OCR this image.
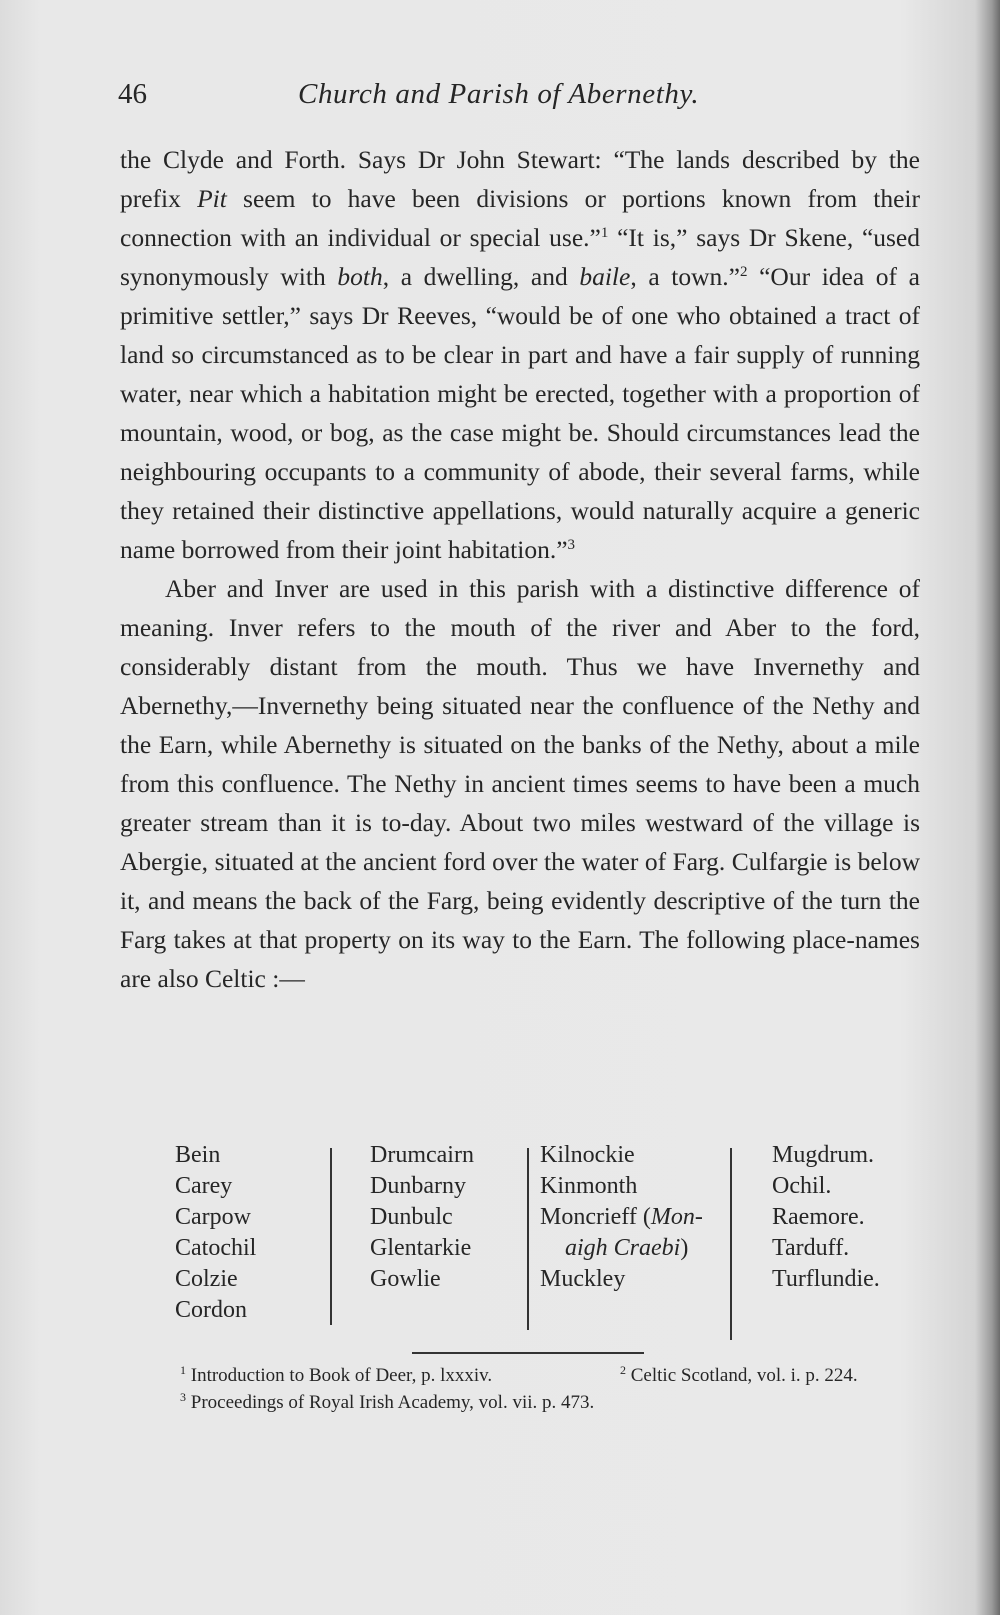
46	Church and Parish of Abernethy.

the Clyde and Forth. Says Dr John Stewart: “The lands described by the prefix Pit seem to have been divisions or portions known from their connection with an individual or special use.”$^1$ “It is,” says Dr Skene, “used synonymously with both, a dwelling, and baile, a town.”$^2$ “Our idea of a primitive settler,” says Dr Reeves, “would be of one who obtained a tract of land so circumstanced as to be clear in part and have a fair supply of running water, near which a habitation might be erected, together with a proportion of mountain, wood, or bog, as the case might be. Should circumstances lead the neighbouring occupants to a community of abode, their several farms, while they retained their distinctive appellations, would naturally acquire a generic name borrowed from their joint habitation.”$^3$

Aber and Inver are used in this parish with a distinctive difference of meaning. Inver refers to the mouth of the river and Aber to the ford, considerably distant from the mouth. Thus we have Invernethy and Abernethy,—Invernethy being situated near the confluence of the Nethy and the Earn, while Abernethy is situated on the banks of the Nethy, about a mile from this confluence. The Nethy in ancient times seems to have been a much greater stream than it is to-day. About two miles westward of the village is Abergie, situated at the ancient ford over the water of Farg. Culfargie is below it, and means the back of the Farg, being evidently descriptive of the turn the Farg takes at that property on its way to the Earn. The following place-names are also Celtic :—

Bein
Carey
Carpow
Catochil
Colzie
Cordon
Drumcairn
Dunbarny
Dunbulc
Glentarkie
Gowlie
Kilnockie
Kinmonth
Moncrieff (Mon-
aigh Craebi)
Muckley
Mugdrum.
Ochil.
Raemore.
Tarduff.
Turflundie.
$^1$ Introduction to Book of Deer, p. lxxxiv.	$^2$ Celtic Scotland, vol. i. p. 224.
$^3$ Proceedings of Royal Irish Academy, vol. vii. p. 473.
